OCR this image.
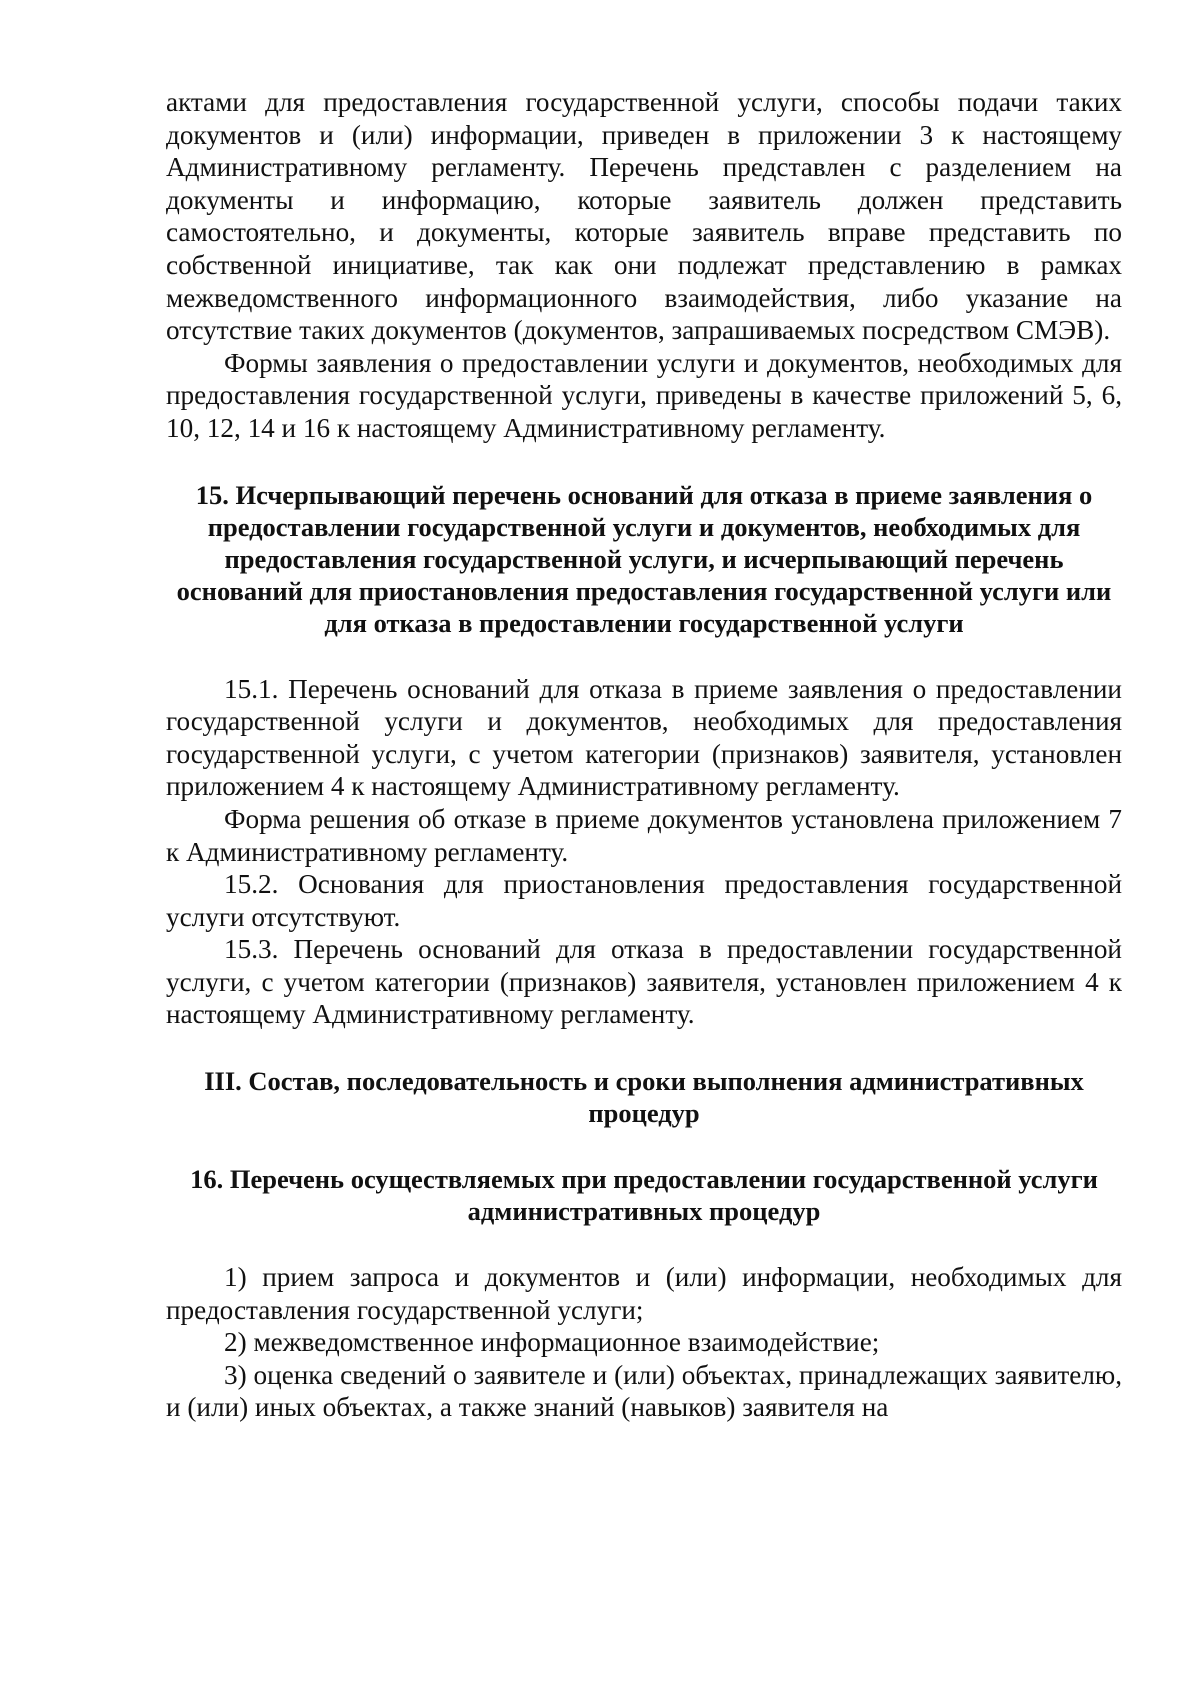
актами для предоставления государственной услуги, способы подачи таких документов и (или) информации, приведен в приложении 3 к настоящему Административному регламенту. Перечень представлен с разделением на документы и информацию, которые заявитель должен представить самостоятельно, и документы, которые заявитель вправе представить по собственной инициативе, так как они подлежат представлению в рамках межведомственного информационного взаимодействия, либо указание на отсутствие таких документов (документов, запрашиваемых посредством СМЭВ).

Формы заявления о предоставлении услуги и документов, необходимых для предоставления государственной услуги, приведены в качестве приложений 5, 6, 10, 12, 14 и 16 к настоящему Административному регламенту.

15. Исчерпывающий перечень оснований для отказа в приеме заявления о предоставлении государственной услуги и документов, необходимых для предоставления государственной услуги, и исчерпывающий перечень оснований для приостановления предоставления государственной услуги или для отказа в предоставлении государственной услуги

15.1. Перечень оснований для отказа в приеме заявления о предоставлении государственной услуги и документов, необходимых для предоставления государственной услуги, с учетом категории (признаков) заявителя, установлен приложением 4 к настоящему Административному регламенту.

Форма решения об отказе в приеме документов установлена приложением 7 к Административному регламенту.

15.2. Основания для приостановления предоставления государственной услуги отсутствуют.

15.3. Перечень оснований для отказа в предоставлении государственной услуги, с учетом категории (признаков) заявителя, установлен приложением 4 к настоящему Административному регламенту.

III. Состав, последовательность и сроки выполнения административных процедур
16. Перечень осуществляемых при предоставлении государственной услуги административных процедур

1) прием запроса и документов и (или) информации, необходимых для предоставления государственной услуги;

2) межведомственное информационное взаимодействие;

3) оценка сведений о заявителе и (или) объектах, принадлежащих заявителю, и (или) иных объектах, а также знаний (навыков) заявителя на
